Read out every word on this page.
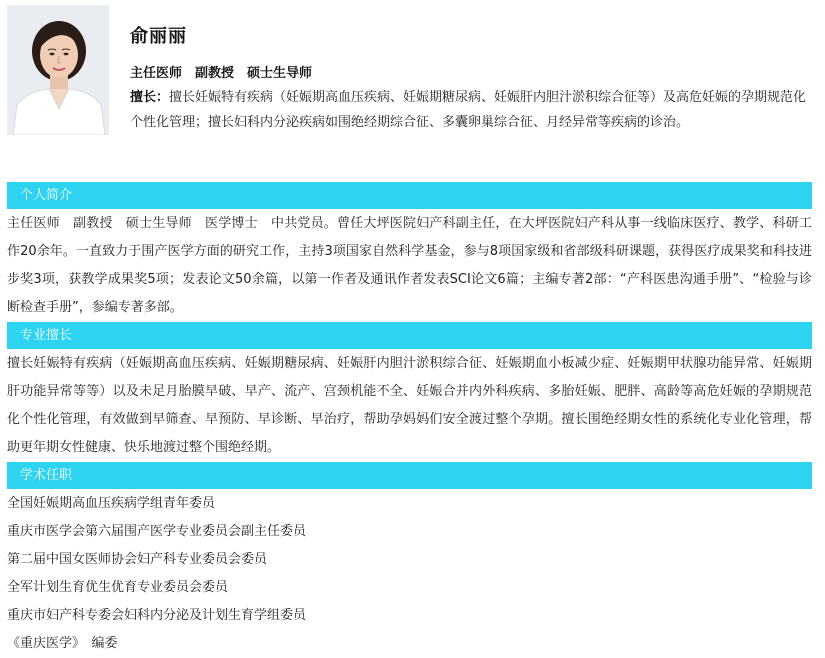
俞丽丽
主任医师　副教授　硕士生导师
擅长：擅长妊娠特有疾病（妊娠期高血压疾病、妊娠期糖尿病、妊娠肝内胆汁淤积综合征等）及高危妊娠的孕期规范化个性化管理；擅长妇科内分泌疾病如围绝经期综合征、多囊卵巢综合征、月经异常等疾病的诊治。
个人简介

主任医师　副教授　硕士生导师　医学博士　中共党员。曾任大坪医院妇产科副主任，在大坪医院妇产科从事一线临床医疗、教学、科研工作20余年。一直致力于围产医学方面的研究工作，主持3项国家自然科学基金，参与8项国家级和省部级科研课题，获得医疗成果奖和科技进步奖3项，获教学成果奖5项；发表论文50余篇，以第一作者及通讯作者发表SCI论文6篇；主编专著2部：“产科医患沟通手册”、“检验与诊断检查手册”，参编专著多部。

专业擅长

擅长妊娠特有疾病（妊娠期高血压疾病、妊娠期糖尿病、妊娠肝内胆汁淤积综合征、妊娠期血小板减少症、妊娠期甲状腺功能异常、妊娠期肝功能异常等等）以及未足月胎膜早破、早产、流产、宫颈机能不全、妊娠合并内外科疾病、多胎妊娠、肥胖、高龄等高危妊娠的孕期规范化个性化管理，有效做到早筛查、早预防、早诊断、早治疗，帮助孕妈妈们安全渡过整个孕期。擅长围绝经期女性的系统化专业化管理，帮助更年期女性健康、快乐地渡过整个围绝经期。

学术任职
全国妊娠期高血压疾病学组青年委员
重庆市医学会第六届围产医学专业委员会副主任委员
第二届中国女医师协会妇产科专业委员会委员
全军计划生育优生优育专业委员会委员
重庆市妇产科专委会妇科内分泌及计划生育学组委员
《重庆医学》　编委
